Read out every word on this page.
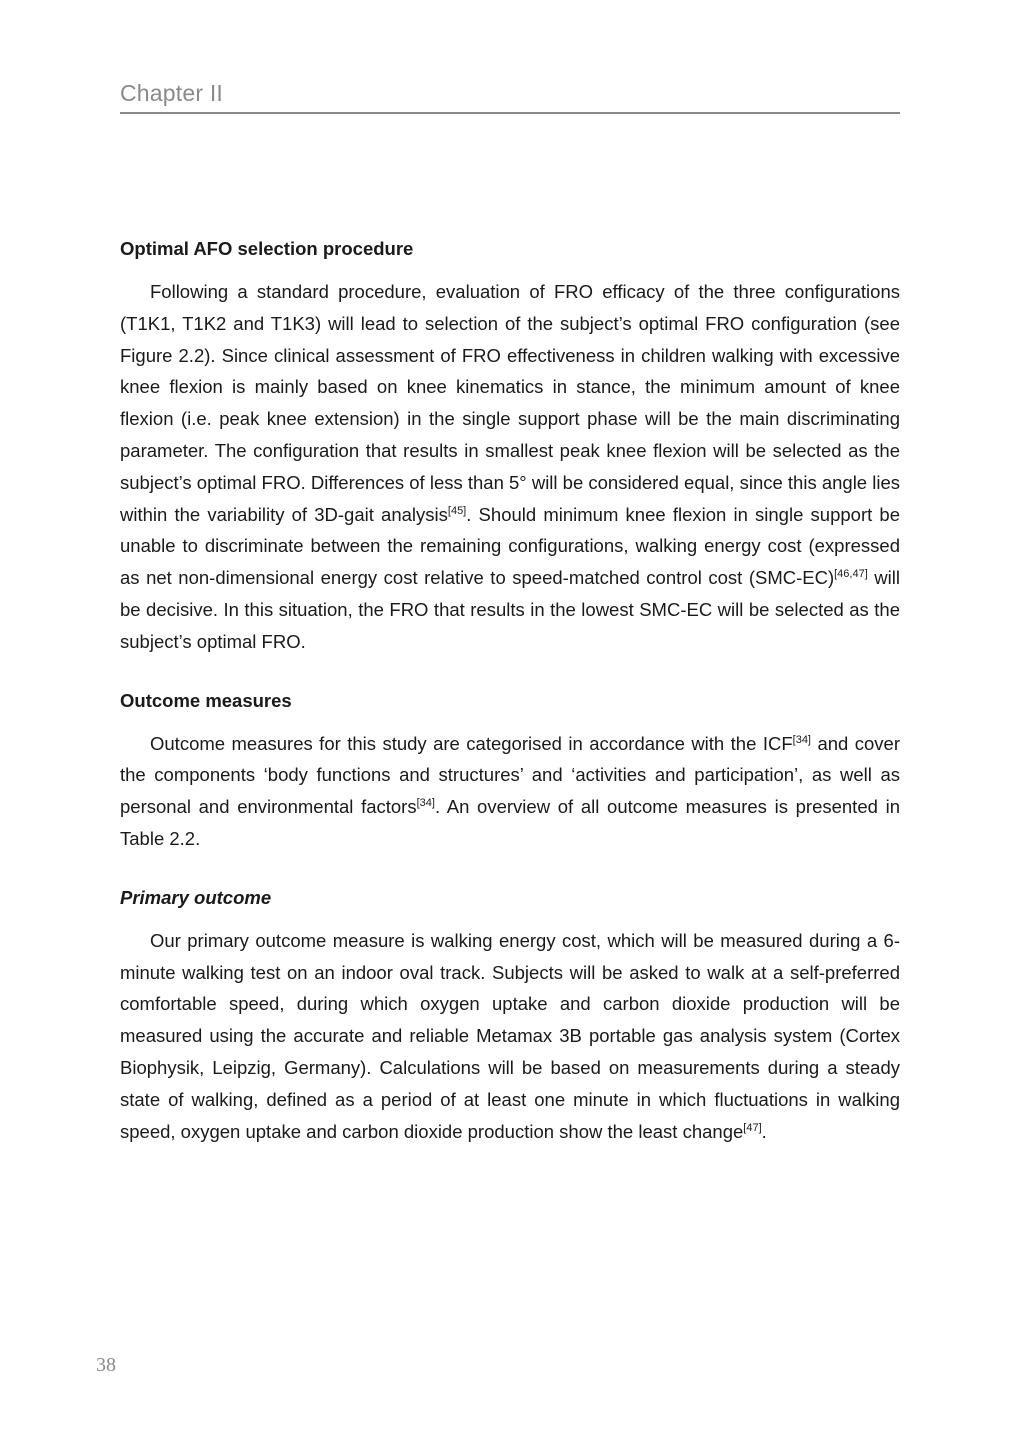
Chapter II
Optimal AFO selection procedure

Following a standard procedure, evaluation of FRO efficacy of the three configurations (T1K1, T1K2 and T1K3) will lead to selection of the subject’s optimal FRO configuration (see Figure 2.2). Since clinical assessment of FRO effectiveness in children walking with excessive knee flexion is mainly based on knee kinematics in stance, the minimum amount of knee flexion (i.e. peak knee extension) in the single support phase will be the main discriminating parameter. The configuration that results in smallest peak knee flexion will be selected as the subject’s optimal FRO. Differences of less than 5° will be considered equal, since this angle lies within the variability of 3D-gait analysis[45]. Should minimum knee flexion in single support be unable to discriminate between the remaining configurations, walking energy cost (expressed as net non-dimensional energy cost relative to speed-matched control cost (SMC-EC)[46,47] will be decisive. In this situation, the FRO that results in the lowest SMC-EC will be selected as the subject’s optimal FRO.

Outcome measures

Outcome measures for this study are categorised in accordance with the ICF[34] and cover the components ‘body functions and structures’ and ‘activities and participation’, as well as personal and environmental factors[34]. An overview of all outcome measures is presented in Table 2.2.

Primary outcome

Our primary outcome measure is walking energy cost, which will be measured during a 6-minute walking test on an indoor oval track. Subjects will be asked to walk at a self-preferred comfortable speed, during which oxygen uptake and carbon dioxide production will be measured using the accurate and reliable Metamax 3B portable gas analysis system (Cortex Biophysik, Leipzig, Germany). Calculations will be based on measurements during a steady state of walking, defined as a period of at least one minute in which fluctuations in walking speed, oxygen uptake and carbon dioxide production show the least change[47].

38
